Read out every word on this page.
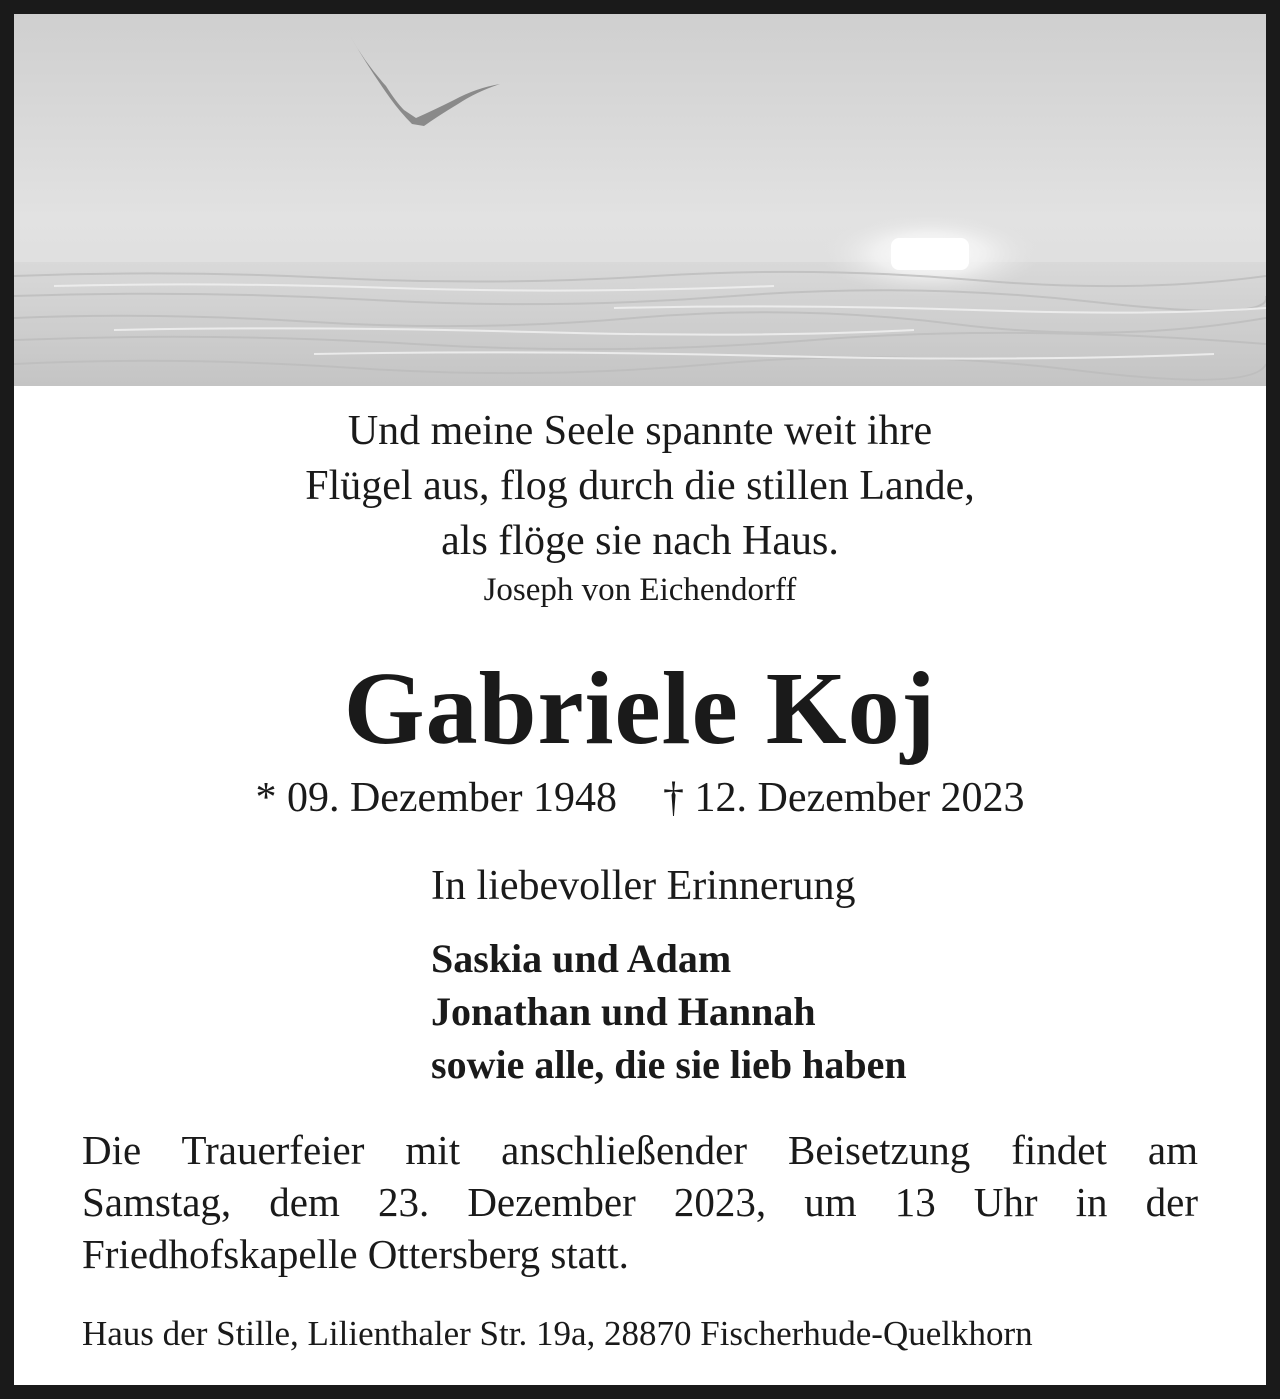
Und meine Seele spannte weit ihre
Flügel aus, flog durch die stillen Lande,
als flöge sie nach Haus.
Joseph von Eichendorff
Gabriele Koj
* 09. Dezember 1948 † 12. Dezember 2023
In liebevoller Erinnerung
Saskia und Adam
Jonathan und Hannah
sowie alle, die sie lieb haben
Die Trauerfeier mit anschließender Beisetzung findet am
Samstag, dem 23. Dezember 2023, um 13 Uhr in der
Friedhofskapelle Ottersberg statt.
Haus der Stille, Lilienthaler Str. 19a, 28870 Fischerhude-Quelkhorn
